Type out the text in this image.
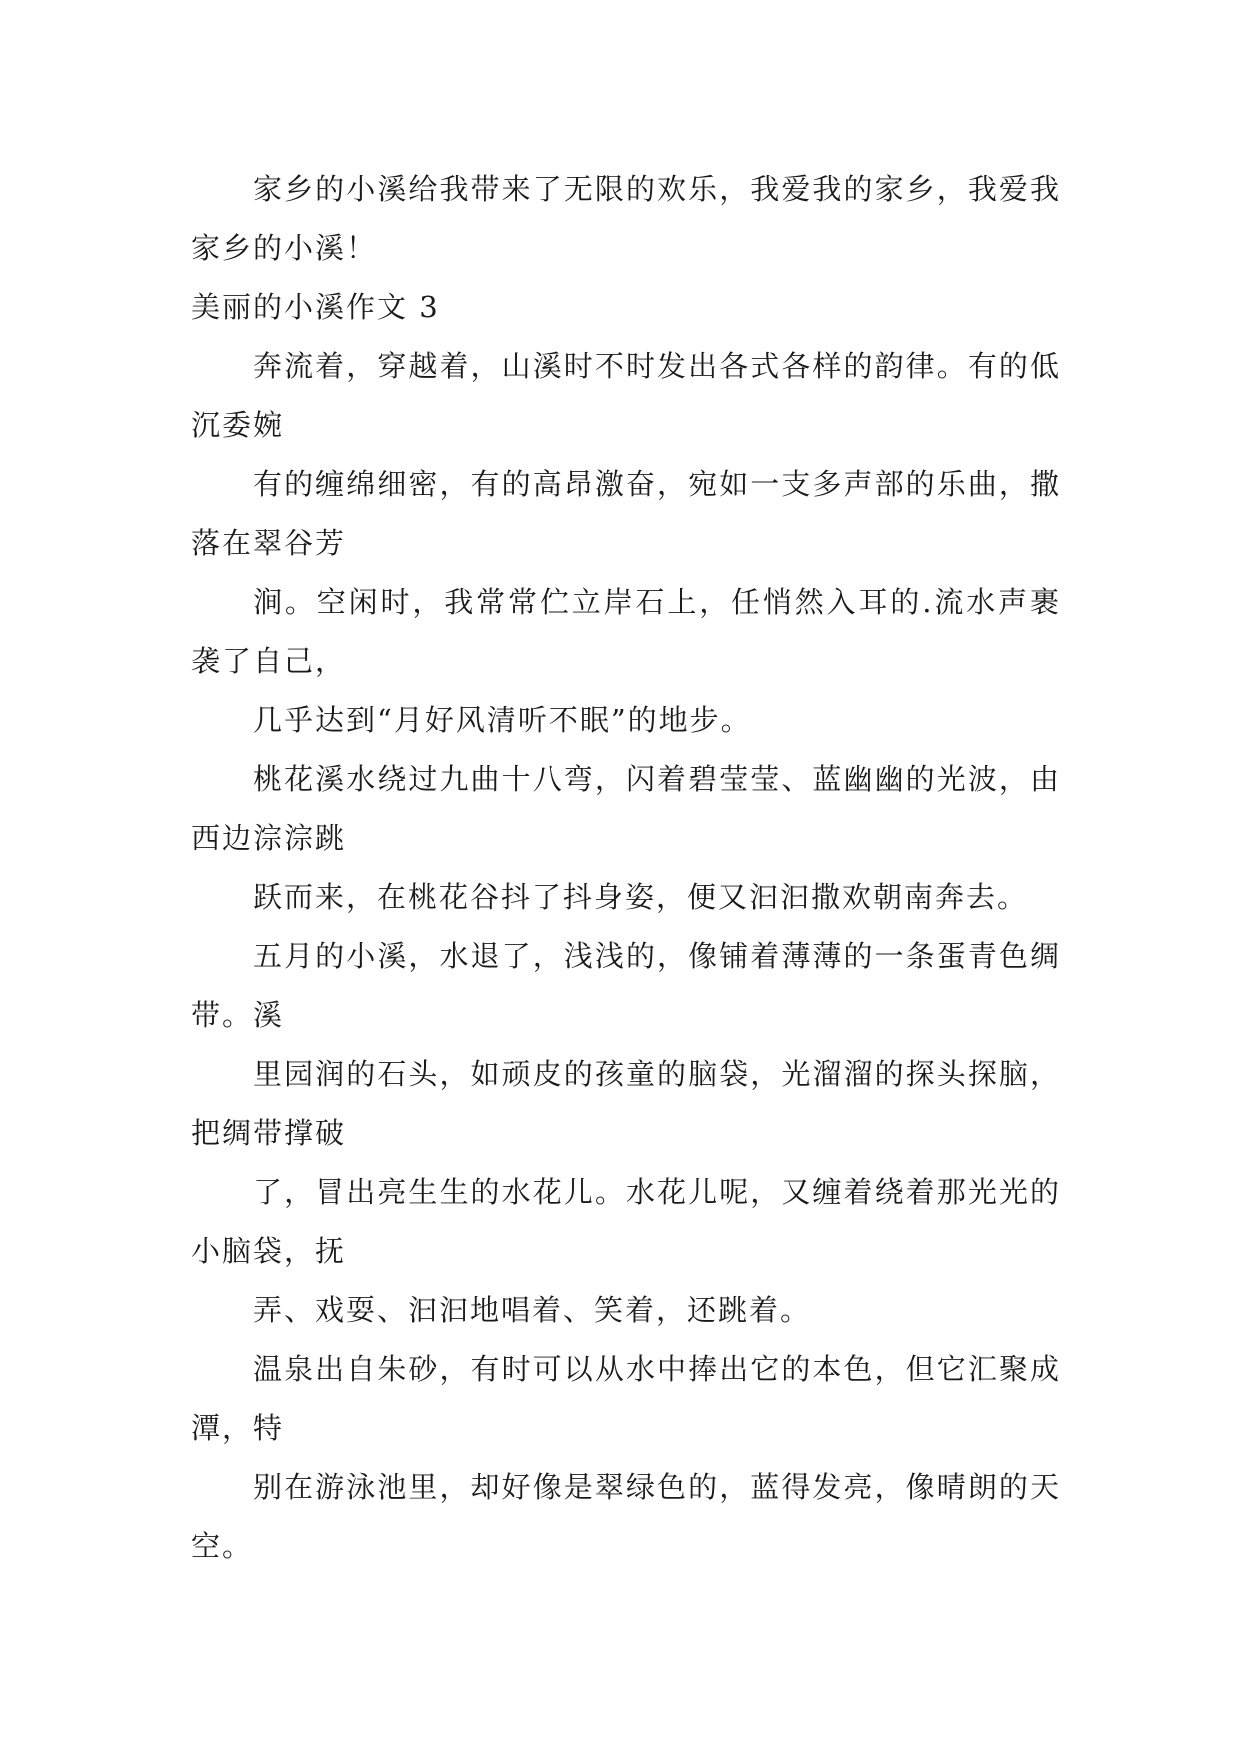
家乡的小溪给我带来了无限的欢乐，我爱我的家乡，我爱我家乡的小溪！

美丽的小溪作文 3

奔流着，穿越着，山溪时不时发出各式各样的韵律。有的低沉委婉

有的缠绵细密，有的高昂激奋，宛如一支多声部的乐曲，撒落在翠谷芳

涧。空闲时，我常常伫立岸石上，任悄然入耳的.流水声裹袭了自己，

几乎达到“月好风清听不眠”的地步。

桃花溪水绕过九曲十八弯，闪着碧莹莹、蓝幽幽的光波，由西边淙淙跳

跃而来，在桃花谷抖了抖身姿，便又汩汩撒欢朝南奔去。

五月的小溪，水退了，浅浅的，像铺着薄薄的一条蛋青色绸带。溪

里园润的石头，如顽皮的孩童的脑袋，光溜溜的探头探脑，把绸带撑破

了，冒出亮生生的水花儿。水花儿呢，又缠着绕着那光光的小脑袋，抚

弄、戏耍、汩汩地唱着、笑着，还跳着。

温泉出自朱砂，有时可以从水中捧出它的本色，但它汇聚成潭，特

别在游泳池里，却好像是翠绿色的，蓝得发亮，像晴朗的天空。
